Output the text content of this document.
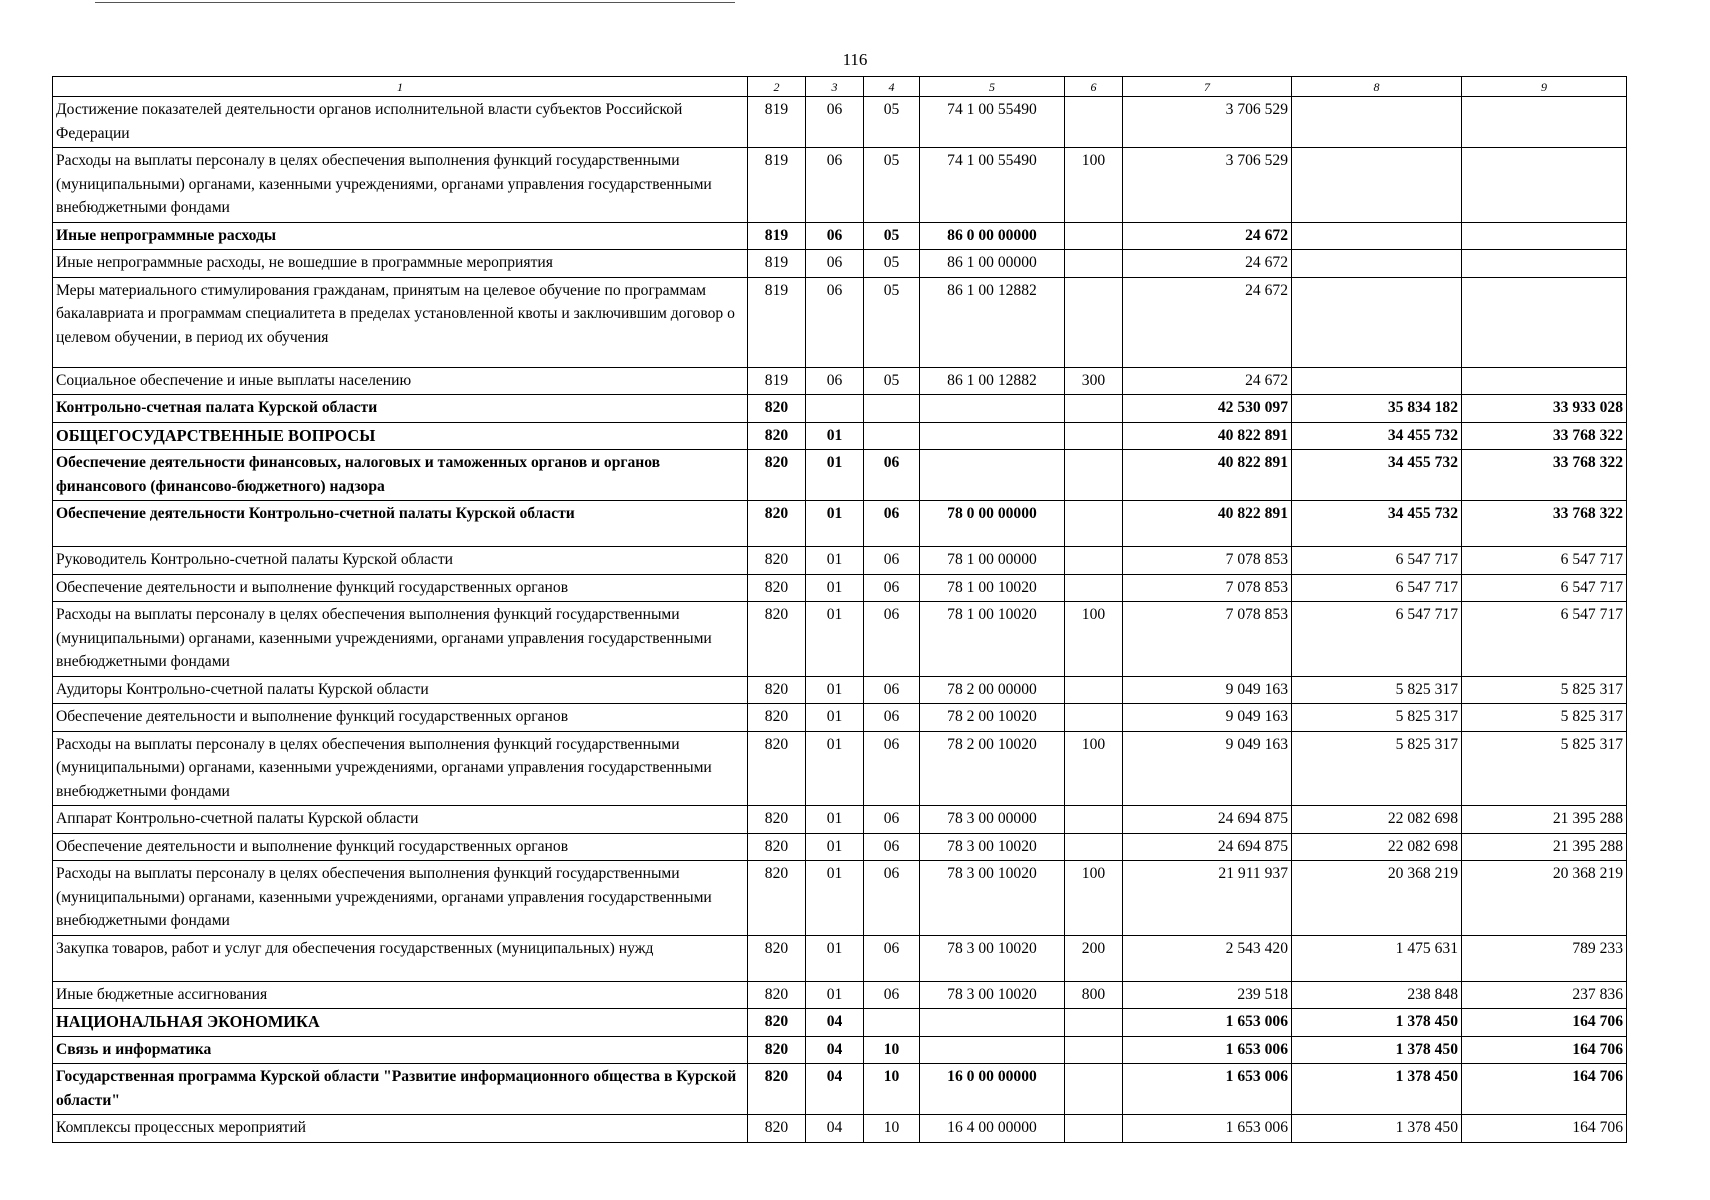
116
1	2	3	4	5	6	7	8	9
Достижение показателей деятельности органов исполнительной власти субъектов Российской Федерации	819	06	05	74 1 00 55490		3 706 529		
Расходы на выплаты персоналу в целях обеспечения выполнения функций государственными (муниципальными) органами, казенными учреждениями, органами управления государственными внебюджетными фондами	819	06	05	74 1 00 55490	100	3 706 529		
Иные непрограммные расходы	819	06	05	86 0 00 00000		24 672		
Иные непрограммные расходы, не вошедшие в программные мероприятия	819	06	05	86 1 00 00000		24 672		
Меры материального стимулирования гражданам, принятым на целевое обучение по программам бакалавриата и программам специалитета в пределах установленной квоты и заключившим договор о целевом обучении, в период их обучения	819	06	05	86 1 00 12882		24 672		
Социальное обеспечение и иные выплаты населению	819	06	05	86 1 00 12882	300	24 672		
Контрольно-счетная палата Курской области	820					42 530 097	35 834 182	33 933 028
ОБЩЕГОСУДАРСТВЕННЫЕ ВОПРОСЫ	820	01				40 822 891	34 455 732	33 768 322
Обеспечение деятельности финансовых, налоговых и таможенных органов и органов финансового (финансово-бюджетного) надзора	820	01	06			40 822 891	34 455 732	33 768 322
Обеспечение деятельности Контрольно-счетной палаты Курской области	820	01	06	78 0 00 00000		40 822 891	34 455 732	33 768 322
Руководитель Контрольно-счетной палаты Курской области	820	01	06	78 1 00 00000		7 078 853	6 547 717	6 547 717
Обеспечение деятельности и выполнение функций государственных органов	820	01	06	78 1 00 10020		7 078 853	6 547 717	6 547 717
Расходы на выплаты персоналу в целях обеспечения выполнения функций государственными (муниципальными) органами, казенными учреждениями, органами управления государственными внебюджетными фондами	820	01	06	78 1 00 10020	100	7 078 853	6 547 717	6 547 717
Аудиторы Контрольно-счетной палаты Курской области	820	01	06	78 2 00 00000		9 049 163	5 825 317	5 825 317
Обеспечение деятельности и выполнение функций государственных органов	820	01	06	78 2 00 10020		9 049 163	5 825 317	5 825 317
Расходы на выплаты персоналу в целях обеспечения выполнения функций государственными (муниципальными) органами, казенными учреждениями, органами управления государственными внебюджетными фондами	820	01	06	78 2 00 10020	100	9 049 163	5 825 317	5 825 317
Аппарат Контрольно-счетной палаты Курской области	820	01	06	78 3 00 00000		24 694 875	22 082 698	21 395 288
Обеспечение деятельности и выполнение функций государственных органов	820	01	06	78 3 00 10020		24 694 875	22 082 698	21 395 288
Расходы на выплаты персоналу в целях обеспечения выполнения функций государственными (муниципальными) органами, казенными учреждениями, органами управления государственными внебюджетными фондами	820	01	06	78 3 00 10020	100	21 911 937	20 368 219	20 368 219
Закупка товаров, работ и услуг для обеспечения государственных (муниципальных) нужд	820	01	06	78 3 00 10020	200	2 543 420	1 475 631	789 233
Иные бюджетные ассигнования	820	01	06	78 3 00 10020	800	239 518	238 848	237 836
НАЦИОНАЛЬНАЯ ЭКОНОМИКА	820	04				1 653 006	1 378 450	164 706
Связь и информатика	820	04	10			1 653 006	1 378 450	164 706
Государственная программа Курской области "Развитие информационного общества в Курской области"	820	04	10	16 0 00 00000		1 653 006	1 378 450	164 706
Комплексы процессных мероприятий	820	04	10	16 4 00 00000		1 653 006	1 378 450	164 706
